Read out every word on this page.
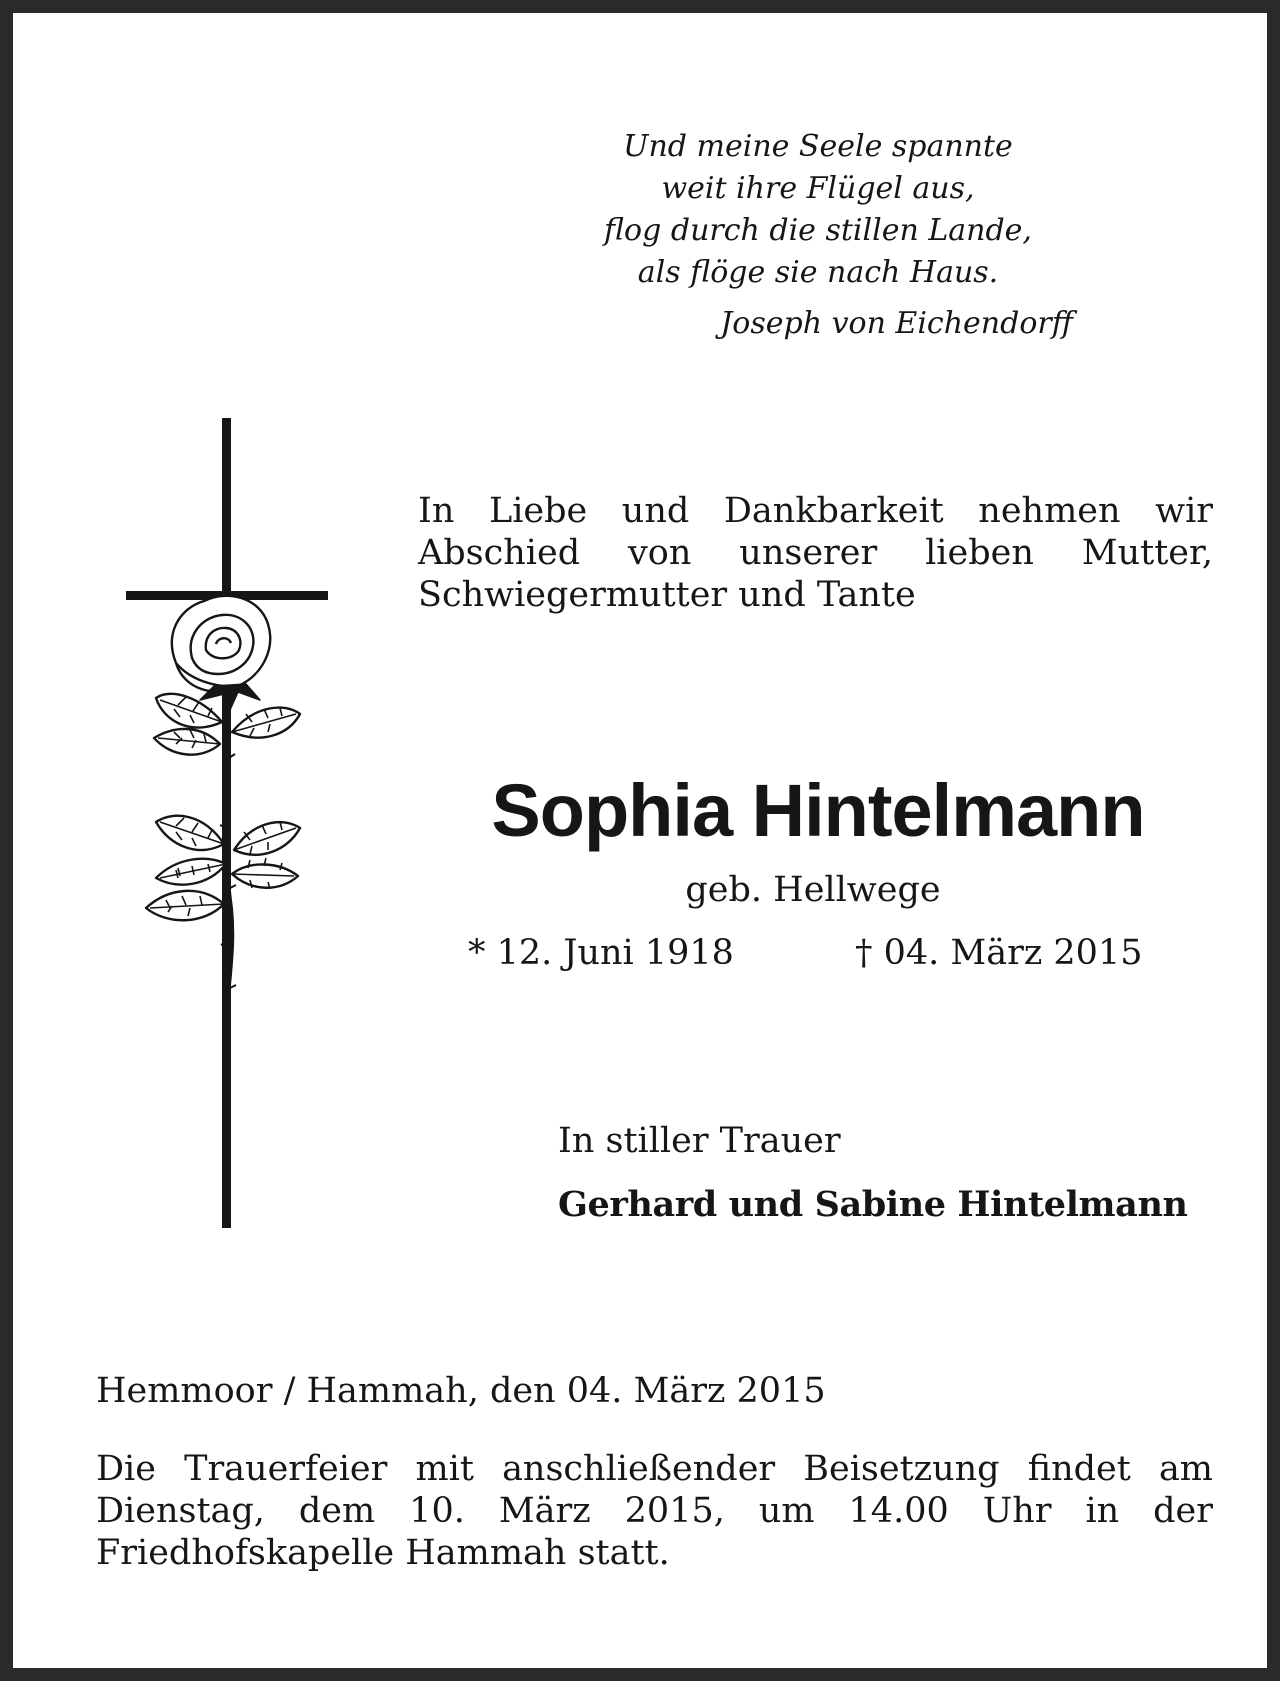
Und meine Seele spannte
weit ihre Flügel aus,
flog durch die stillen Lande,
als flöge sie nach Haus.
Joseph von Eichendorff
In Liebe und Dankbarkeit nehmen wir Abschied von unserer lieben Mutter, Schwiegermutter und Tante
Sophia Hintelmann
geb. Hellwege
* 12. Juni 1918	† 04. März 2015
In stiller Trauer
Gerhard und Sabine Hintelmann
Hemmoor / Hammah, den 04. März 2015
Die Trauerfeier mit anschließender Beisetzung findet am Dienstag, dem 10. März 2015, um 14.00 Uhr in der Friedhofskapelle Hammah statt.
